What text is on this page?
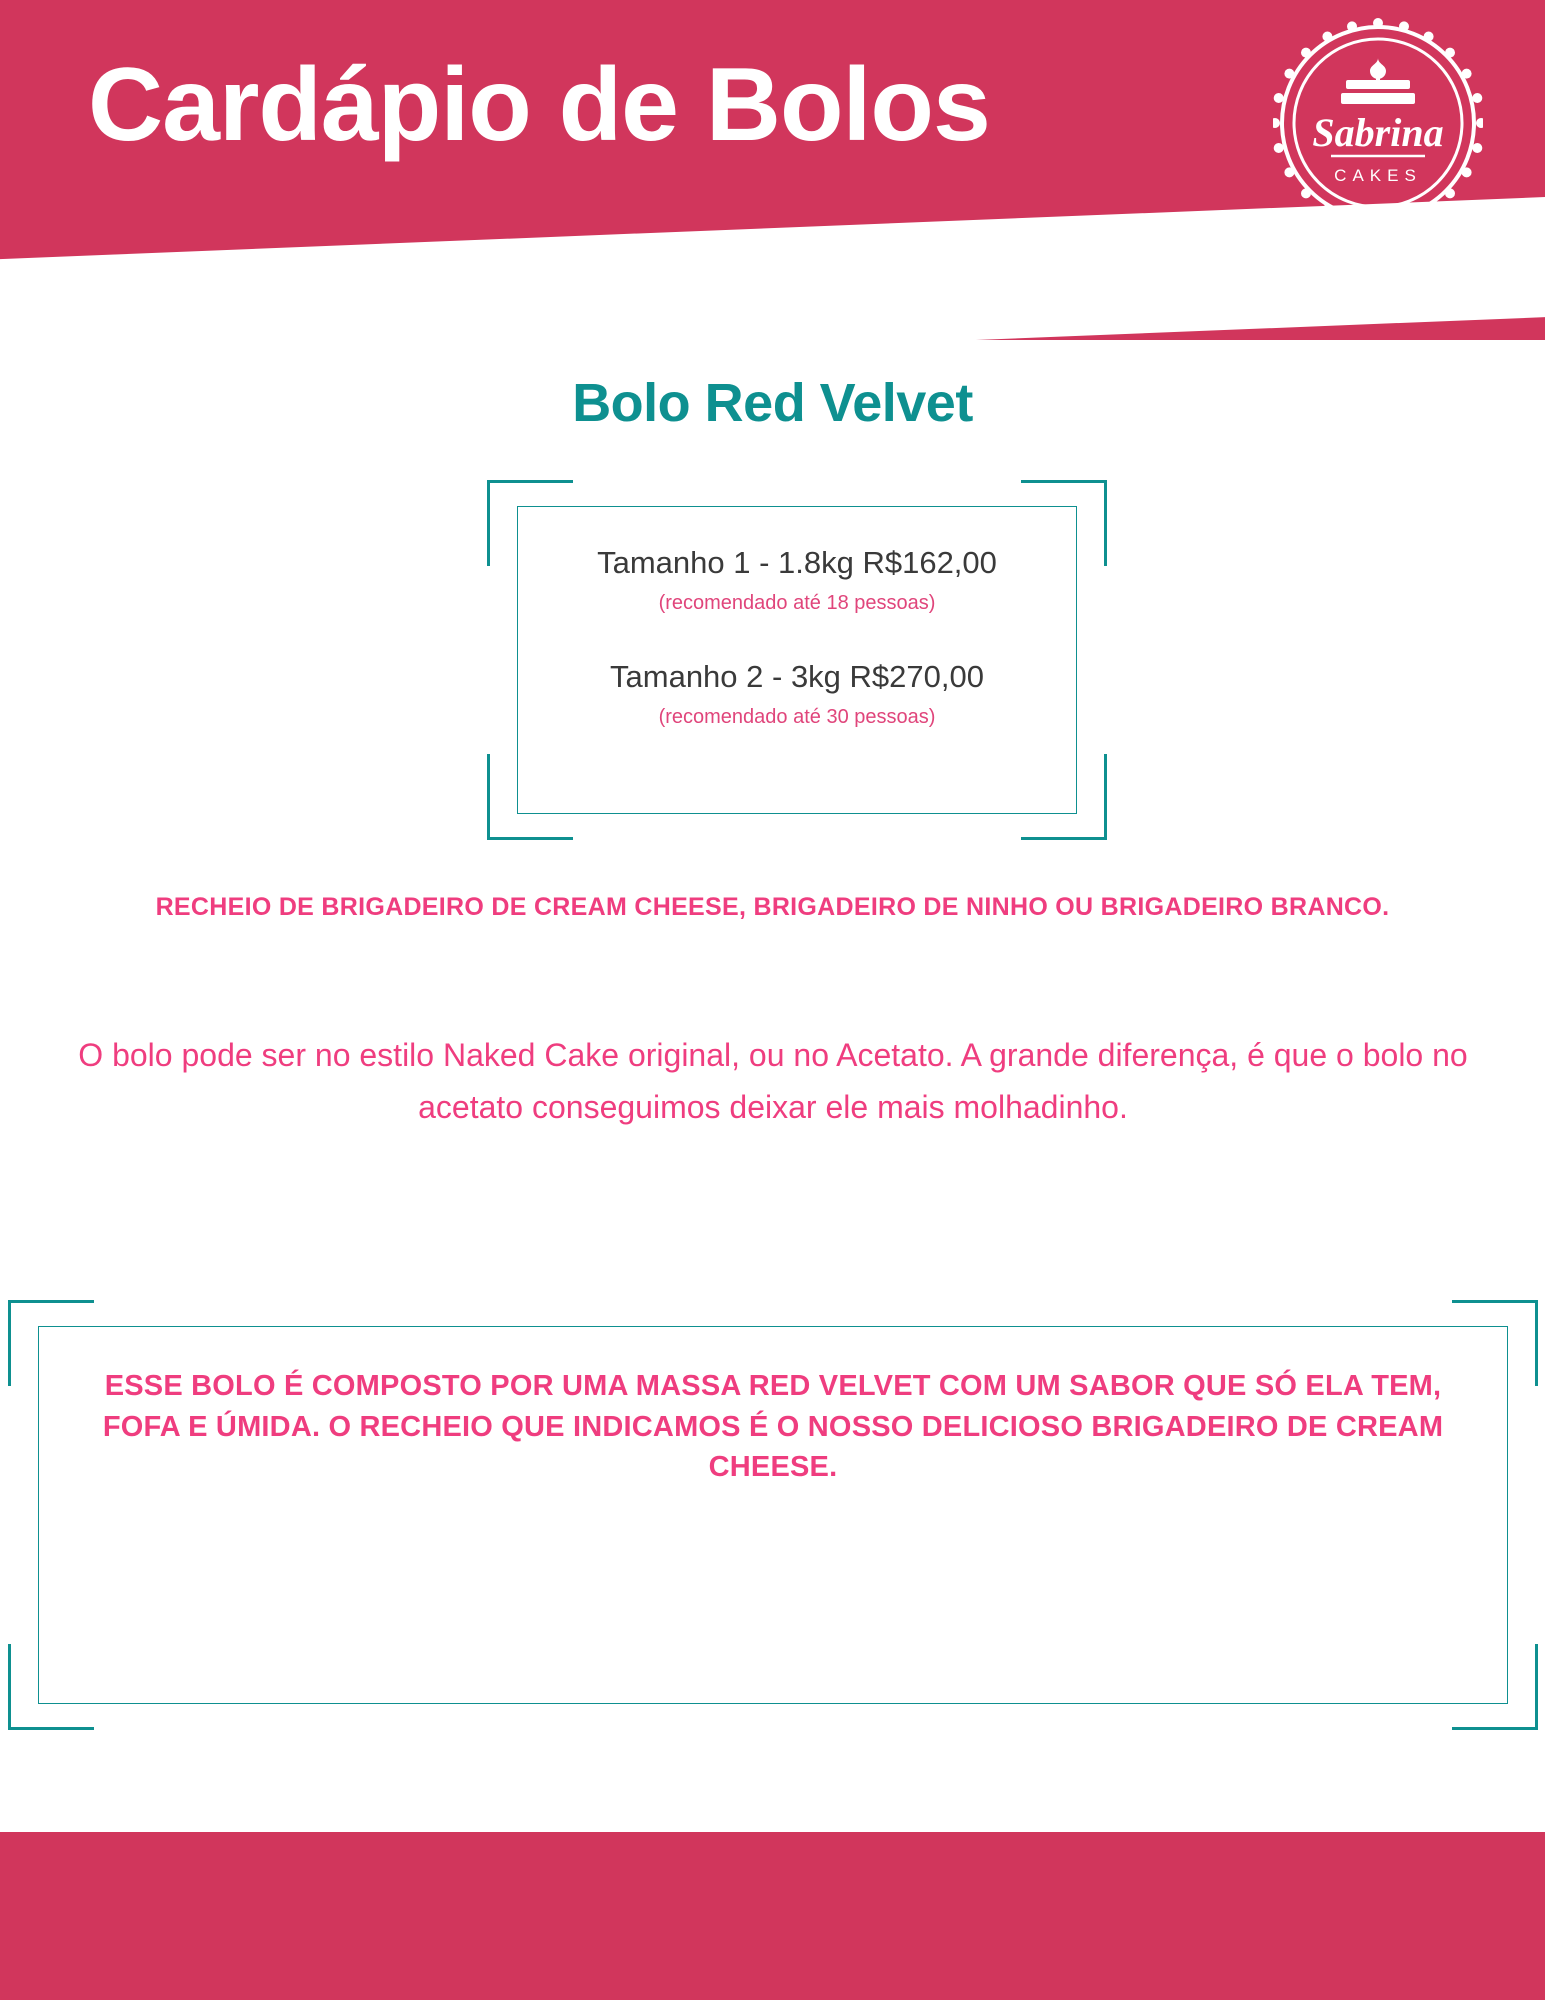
Cardápio de Bolos	Sabrina
CAKES
Bolo Red Velvet
Tamanho 1 - 1.8kg R$162,00
(recomendado até 18 pessoas)
Tamanho 2 - 3kg R$270,00
(recomendado até 30 pessoas)
RECHEIO DE BRIGADEIRO DE CREAM CHEESE, BRIGADEIRO DE NINHO OU BRIGADEIRO BRANCO.
O bolo pode ser no estilo Naked Cake original, ou no Acetato. A grande diferença, é que o bolo no acetato conseguimos deixar ele mais molhadinho.
ESSE BOLO É COMPOSTO POR UMA MASSA RED VELVET COM UM SABOR QUE SÓ ELA TEM, FOFA E ÚMIDA. O RECHEIO QUE INDICAMOS É O NOSSO DELICIOSO BRIGADEIRO DE CREAM CHEESE.
